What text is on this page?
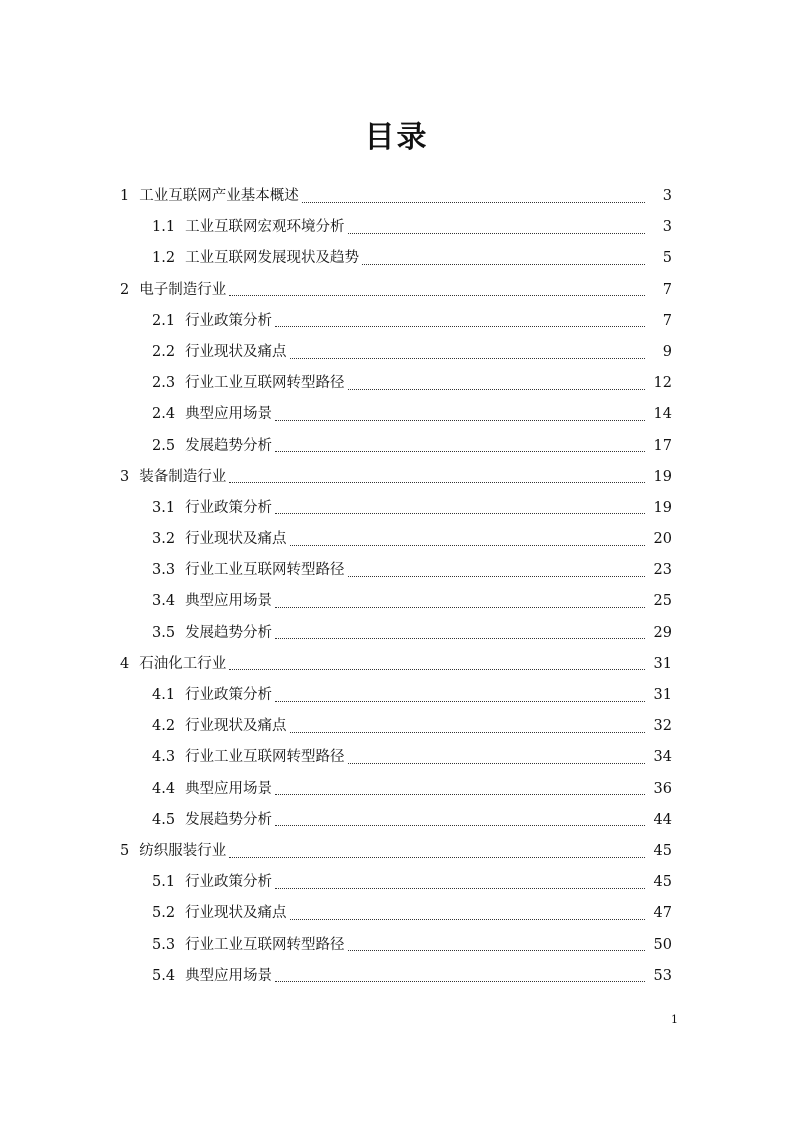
目录
1 工业互联网产业基本概述	3
1.1 工业互联网宏观环境分析	3
1.2 工业互联网发展现状及趋势	5
2 电子制造行业	7
2.1 行业政策分析	7
2.2 行业现状及痛点	9
2.3 行业工业互联网转型路径	12
2.4 典型应用场景	14
2.5 发展趋势分析	17
3 装备制造行业	19
3.1 行业政策分析	19
3.2 行业现状及痛点	20
3.3 行业工业互联网转型路径	23
3.4 典型应用场景	25
3.5 发展趋势分析	29
4 石油化工行业	31
4.1 行业政策分析	31
4.2 行业现状及痛点	32
4.3 行业工业互联网转型路径	34
4.4 典型应用场景	36
4.5 发展趋势分析	44
5 纺织服装行业	45
5.1 行业政策分析	45
5.2 行业现状及痛点	47
5.3 行业工业互联网转型路径	50
5.4 典型应用场景	53
1
